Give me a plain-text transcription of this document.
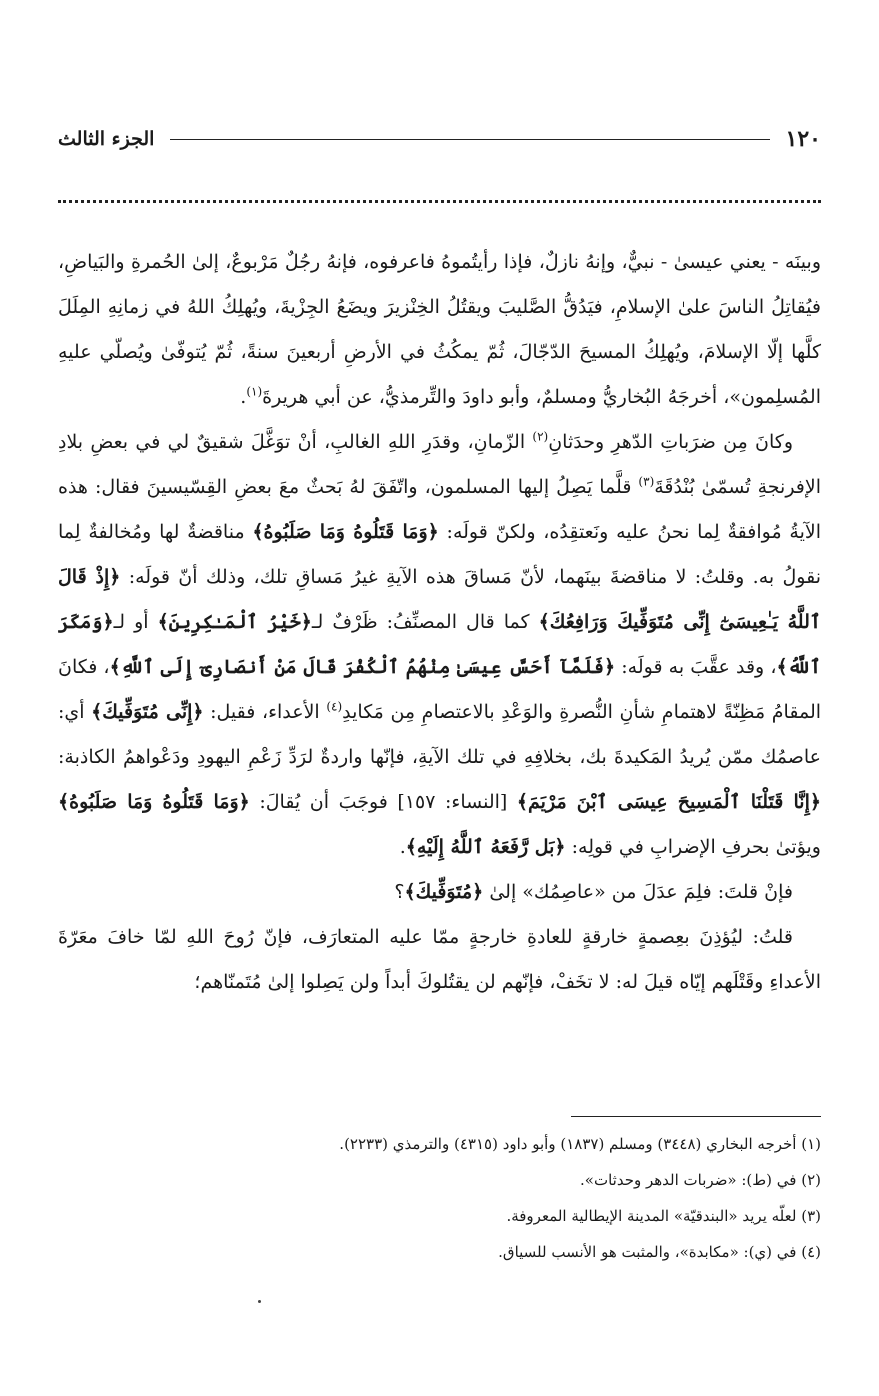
١٢٠
الجزء الثالث

وبينَه - يعني عيسىٰ - نبيٌّ، وإنهُ نازلٌ، فإذا رأيتُموهُ فاعرفوه، فإنهُ رجُلٌ مَرْبوعٌ، إلىٰ الحُمرةِ والبَياضِ، فيُقاتِلُ الناسَ علىٰ الإسلامِ، فيَدُقُّ الصَّليبَ ويقتُلُ الخِنْزيرَ ويضَعُ الجِزْيةَ، ويُهلِكُ اللهُ في زمانِهِ المِلَلَ كلَّها إلّا الإسلامَ، ويُهلِكُ المسيحَ الدّجّالَ، ثُمّ يمكُثُ في الأرضِ أربعينَ سنةً، ثُمّ يُتوفّىٰ ويُصلّي عليهِ المُسلِمون»، أخرجَهُ البُخاريُّ ومسلمٌ، وأبو داودَ والتِّرمذيُّ، عن أبي هريرةَ$^{(١)}$.

وكانَ مِن ضرَباتِ الدّهرِ وحدَثانِ$^{(٢)}$ الزّمانِ، وقدَرِ اللهِ الغالبِ، أنْ توَغَّلَ شقيقٌ لي في بعضِ بلادِ الإفرنجةِ تُسمّىٰ بُنْدُقَةَ$^{(٣)}$ قلَّما يَصِلُ إليها المسلمون، واتّفَقَ لهُ بَحثٌ معَ بعضِ القِسّيسينَ فقال: هذه الآيةُ مُوافقةٌ لِما نحنُ عليه ونَعتقِدُه، ولكنّ قولَه: ﴿وَمَا قَتَلُوهُ وَمَا صَلَبُوهُ﴾ مناقضةٌ لها ومُخالفةٌ لِما نقولُ به. وقلتُ: لا مناقضةَ بينَهما، لأنّ مَساقَ هذه الآيةِ غيرُ مَساقِ تلك، وذلك أنّ قولَه: ﴿إِذْ قَالَ ٱللَّهُ يَـٰعِيسَىٰٓ إِنِّى مُتَوَفِّيكَ وَرَافِعُكَ﴾ كما قال المصنِّفُ: ظَرْفٌ لـ﴿خَيْرُ ٱلْمَـٰكِرِينَ﴾ أو لـ﴿وَمَكَرَ ٱللَّهُ﴾، وقد عقَّبَ به قولَه: ﴿فَلَمَّآ أَحَسَّ عِيسَىٰ مِنْهُمُ ٱلْكُفْرَ قَالَ مَنْ أَنصَارِىٓ إِلَى ٱللَّهِ﴾، فكانَ المقامُ مَظِنّةً لاهتمامِ شأنِ النُّصرةِ والوَعْدِ بالاعتصامِ مِن مَكايدِ$^{(٤)}$ الأعداء، فقيل: ﴿إِنِّى مُتَوَفِّيكَ﴾ أي: عاصمُك ممّن يُريدُ المَكيدةَ بك، بخلافِهِ في تلك الآيةِ، فإنّها واردةٌ لرَدِّ زَعْمِ اليهودِ ودَعْواهمُ الكاذبة: ﴿إِنَّا قَتَلْنَا ٱلْمَسِيحَ عِيسَى ٱبْنَ مَرْيَمَ﴾ [النساء: ١٥٧] فوجَبَ أن يُقالَ: ﴿وَمَا قَتَلُوهُ وَمَا صَلَبُوهُ﴾ ويؤتىٰ بحرفِ الإضرابِ في قولِه: ﴿بَل رَّفَعَهُ ٱللَّهُ إِلَيْهِ﴾.

فإنْ قلتَ: فلِمَ عدَلَ من «عاصِمُك» إلىٰ ﴿مُتَوَفِّيكَ﴾؟

قلتُ: ليُؤذِنَ بعِصمةٍ خارقةٍ للعادةِ خارجةٍ ممّا عليه المتعارَف، فإنّ رُوحَ اللهِ لمّا خافَ معَرّةَ الأعداءِ وقَتْلَهم إيّاه قيلَ له: لا تخَفْ، فإنّهم لن يقتُلوكَ أبداً ولن يَصِلوا إلىٰ مُتَمنّاهم؛

(١) أخرجه البخاري (٣٤٤٨) ومسلم (١٨٣٧) وأبو داود (٤٣١٥) والترمذي (٢٢٣٣).

(٢) في (ط): «ضربات الدهر وحدثات».

(٣) لعلّه يريد «البندقيّة» المدينة الإيطالية المعروفة.

(٤) في (ي): «مكابدة»، والمثبت هو الأنسب للسياق.
